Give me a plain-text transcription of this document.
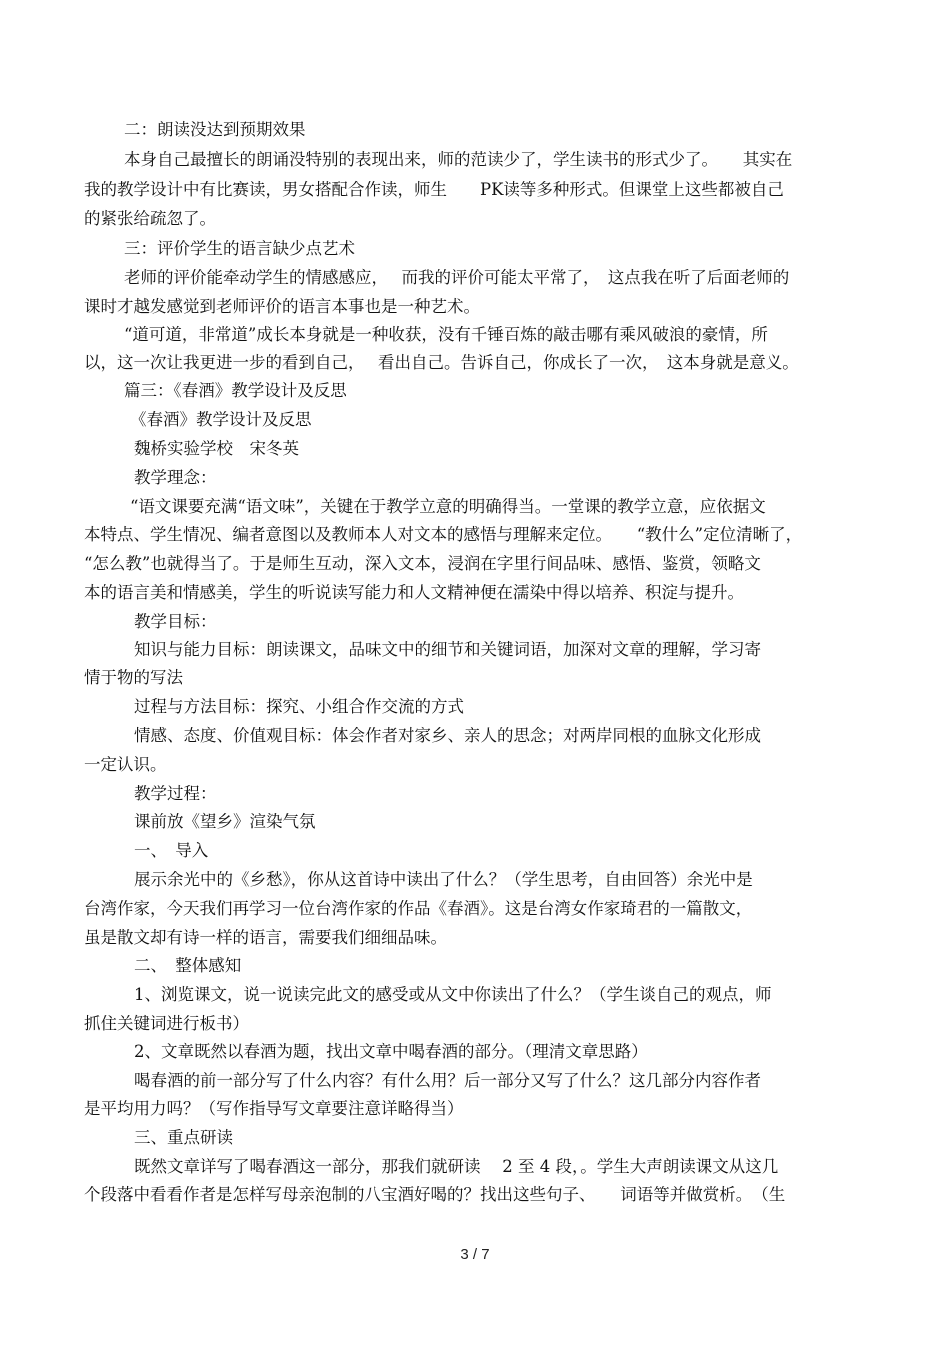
二：朗读没达到预期效果

本身自己最擅长的朗诵没特别的表现出来，师的范读少了，学生读书的形式少了。　　其实在

我的教学设计中有比赛读，男女搭配合作读，师生　　PK读等多种形式。但课堂上这些都被自己

的紧张给疏忽了。

三：评价学生的语言缺少点艺术

老师的评价能牵动学生的情感感应，　 而我的评价可能太平常了，　这点我在听了后面老师的

课时才越发感觉到老师评价的语言本事也是一种艺术。

“道可道，非常道”成长本身就是一种收获，没有千锤百炼的敲击哪有乘风破浪的豪情，所

以，这一次让我更进一步的看到自己，　 看出自己。告诉自己，你成长了一次，　这本身就是意义。

篇三：《春酒》教学设计及反思

《春酒》教学设计及反思

魏桥实验学校　宋冬英

教学理念：

“语文课要充满“语文味”，关键在于教学立意的明确得当。一堂课的教学立意，应依据文

本特点、学生情况、编者意图以及教师本人对文本的感悟与理解来定位。　　“教什么”定位清晰了，

“怎么教”也就得当了。于是师生互动，深入文本，浸润在字里行间品味、感悟、鉴赏，领略文

本的语言美和情感美，学生的听说读写能力和人文精神便在濡染中得以培养、积淀与提升。

教学目标：

知识与能力目标：朗读课文，品味文中的细节和关键词语，加深对文章的理解，学习寄

情于物的写法

过程与方法目标：探究、小组合作交流的方式

情感、态度、价值观目标：体会作者对家乡、亲人的思念；对两岸同根的血脉文化形成

一定认识。

教学过程：

课前放《望乡》渲染气氛

一、　导入

展示余光中的《乡愁》，你从这首诗中读出了什么？（学生思考，自由回答）余光中是

台湾作家，今天我们再学习一位台湾作家的作品《春酒》。这是台湾女作家琦君的一篇散文，

虽是散文却有诗一样的语言，需要我们细细品味。

二、　整体感知

1、浏览课文，说一说读完此文的感受或从文中你读出了什么？（学生谈自己的观点，师

抓住关键词进行板书）

2、文章既然以春酒为题，找出文章中喝春酒的部分。（理清文章思路）

喝春酒的前一部分写了什么内容？有什么用？后一部分又写了什么？这几部分内容作者

是平均用力吗？（写作指导写文章要注意详略得当）

三、重点研读

既然文章详写了喝春酒这一部分，那我们就研读　 2 至 4 段，。学生大声朗读课文从这几

个段落中看看作者是怎样写母亲泡制的八宝酒好喝的？找出这些句子、　　词语等并做赏析。　（生

3 / 7
